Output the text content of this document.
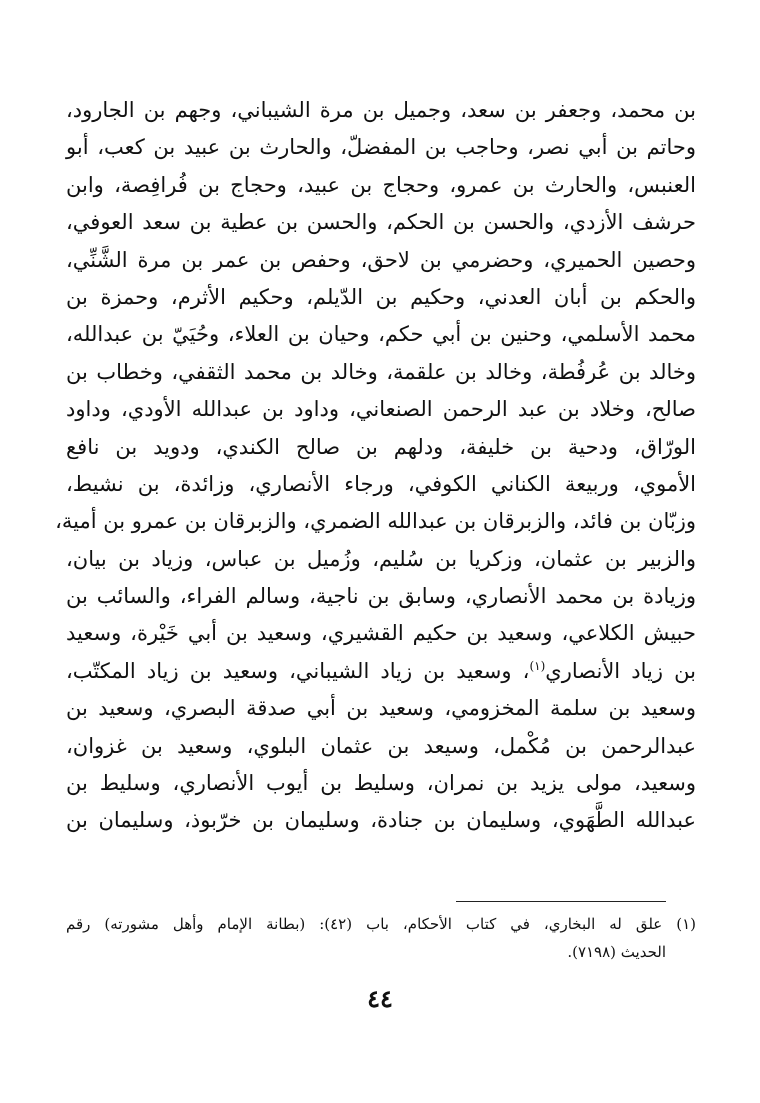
بن محمد، وجعفر بن سعد، وجميل بن مرة الشيباني، وجهم بن الجارود،
وحاتم بن أبي نصر، وحاجب بن المفضلّ، والحارث بن عبيد بن كعب، أبو
العنبس، والحارث بن عمرو، وحجاج بن عبيد، وحجاج بن فُرافِصة، وابن
حرشف الأزدي، والحسن بن الحكم، والحسن بن عطية بن سعد العوفي،
وحصين الحميري، وحضرمي بن لاحق، وحفص بن عمر بن مرة الشَّنِّي،
والحكم بن أبان العدني، وحكيم بن الدّيلم، وحكيم الأثرم، وحمزة بن
محمد الأسلمي، وحنين بن أبي حكم، وحيان بن العلاء، وحُيَيّ بن عبدالله،
وخالد بن عُرفُطة، وخالد بن علقمة، وخالد بن محمد الثقفي، وخطاب بن
صالح، وخلاد بن عبد الرحمن الصنعاني، وداود بن عبدالله الأودي، وداود
الورّاق، ودحية بن خليفة، ودلهم بن صالح الكندي، ودويد بن نافع
الأموي، وربيعة الكناني الكوفي، ورجاء الأنصاري، وزائدة، بن نشيط،
وزبّان بن فائد، والزبرقان بن عبدالله الضمري، والزبرقان بن عمرو بن أمية،
والزبير بن عثمان، وزكريا بن سُليم، وزُميل بن عباس، وزياد بن بيان،
وزيادة بن محمد الأنصاري، وسابق بن ناجية، وسالم الفراء، والسائب بن
حبيش الكلاعي، وسعيد بن حكيم القشيري، وسعيد بن أبي خَيْرة، وسعيد
بن زياد الأنصاري$^{(١)}$، وسعيد بن زياد الشيباني، وسعيد بن زياد المكتّب،
وسعيد بن سلمة المخزومي، وسعيد بن أبي صدقة البصري، وسعيد بن
عبدالرحمن بن مُكْمل، وسيعد بن عثمان البلوي، وسعيد بن غزوان،
وسعيد، مولى يزيد بن نمران، وسليط بن أيوب الأنصاري، وسليط بن
عبدالله الطَّهَوي، وسليمان بن جنادة، وسليمان بن خرّبوذ، وسليمان بن
(١) علق له البخاري، في كتاب الأحكام، باب (٤٢): (بطانة الإمام وأهل مشورته) رقم
الحديث (٧١٩٨).
٤٤
